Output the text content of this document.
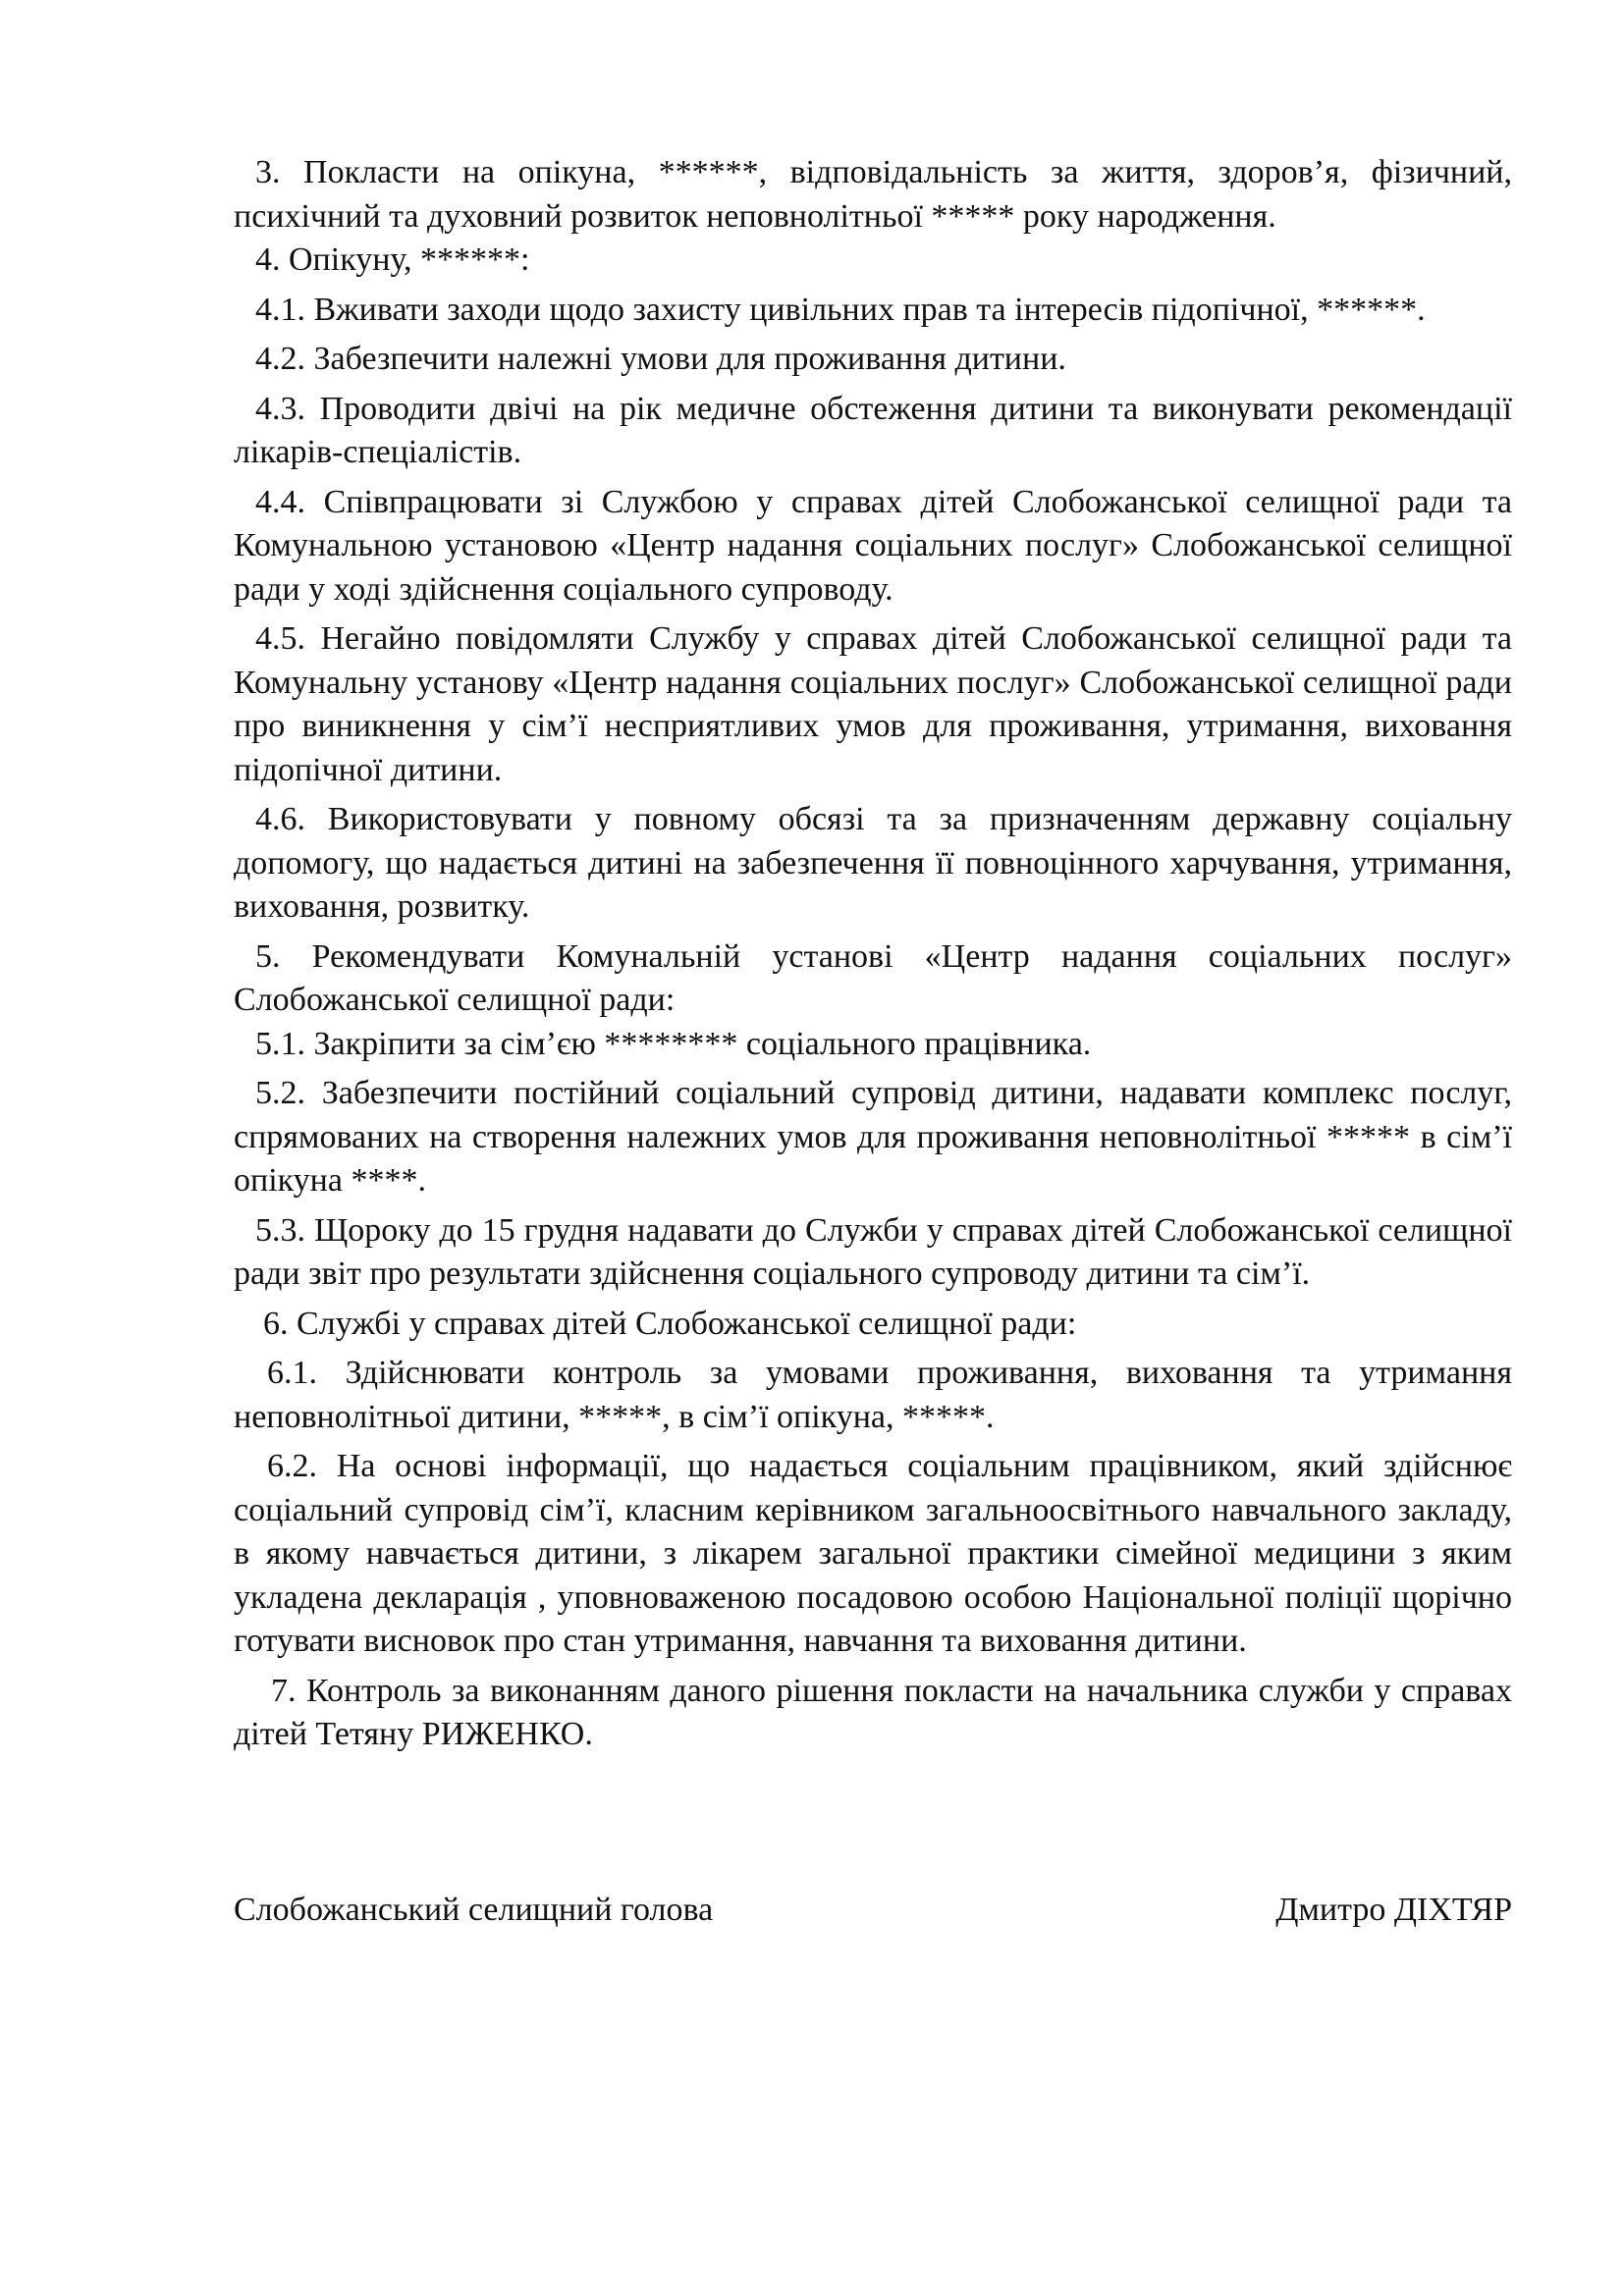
3. Покласти на опікуна, ******, відповідальність за життя, здоров’я, фізичний, психічний та духовний розвиток неповнолітньої ***** року народження.

4. Опікуну, ******:

4.1. Вживати заходи щодо захисту цивільних прав та інтересів підопічної, ******.

4.2. Забезпечити належні умови для проживання дитини.

4.3. Проводити двічі на рік медичне обстеження дитини та виконувати рекомендації лікарів-спеціалістів.

4.4. Співпрацювати зі Службою у справах дітей Слобожанської селищної ради та Комунальною установою «Центр надання соціальних послуг» Слобожанської селищної ради у ході здійснення соціального супроводу.

4.5. Негайно повідомляти Службу у справах дітей Слобожанської селищної ради та Комунальну установу «Центр надання соціальних послуг» Слобожанської селищної ради про виникнення у сім’ї несприятливих умов для проживання, утримання, виховання підопічної дитини.

4.6. Використовувати у повному обсязі та за призначенням державну соціальну допомогу, що надається дитині на забезпечення її повноцінного харчування, утримання, виховання, розвитку.

5. Рекомендувати Комунальній установі «Центр надання соціальних послуг» Слобожанської селищної ради:

5.1. Закріпити за сім’єю ******** соціального працівника.

5.2. Забезпечити постійний соціальний супровід дитини, надавати комплекс послуг, спрямованих на створення належних умов для проживання неповнолітньої ***** в сім’ї опікуна ****.

5.3. Щороку до 15 грудня надавати до Служби у справах дітей Слобожанської селищної ради звіт про результати здійснення соціального супроводу дитини та сім’ї.

6. Службі у справах дітей Слобожанської селищної ради:

6.1. Здійснювати контроль за умовами проживання, виховання та утримання неповнолітньої дитини, *****, в сім’ї опікуна, *****.

6.2. На основі інформації, що надається соціальним працівником, який здійснює соціальний супровід сім’ї, класним керівником загальноосвітнього навчального закладу, в якому навчається дитини, з лікарем загальної практики сімейної медицини з яким укладена декларація , уповноваженою посадовою особою Національної поліції щорічно готувати висновок про стан утримання, навчання та виховання дитини.

7. Контроль за виконанням даного рішення покласти на начальника служби у справах дітей Тетяну РИЖЕНКО.

Слобожанський селищний голова	Дмитро ДІХТЯР
